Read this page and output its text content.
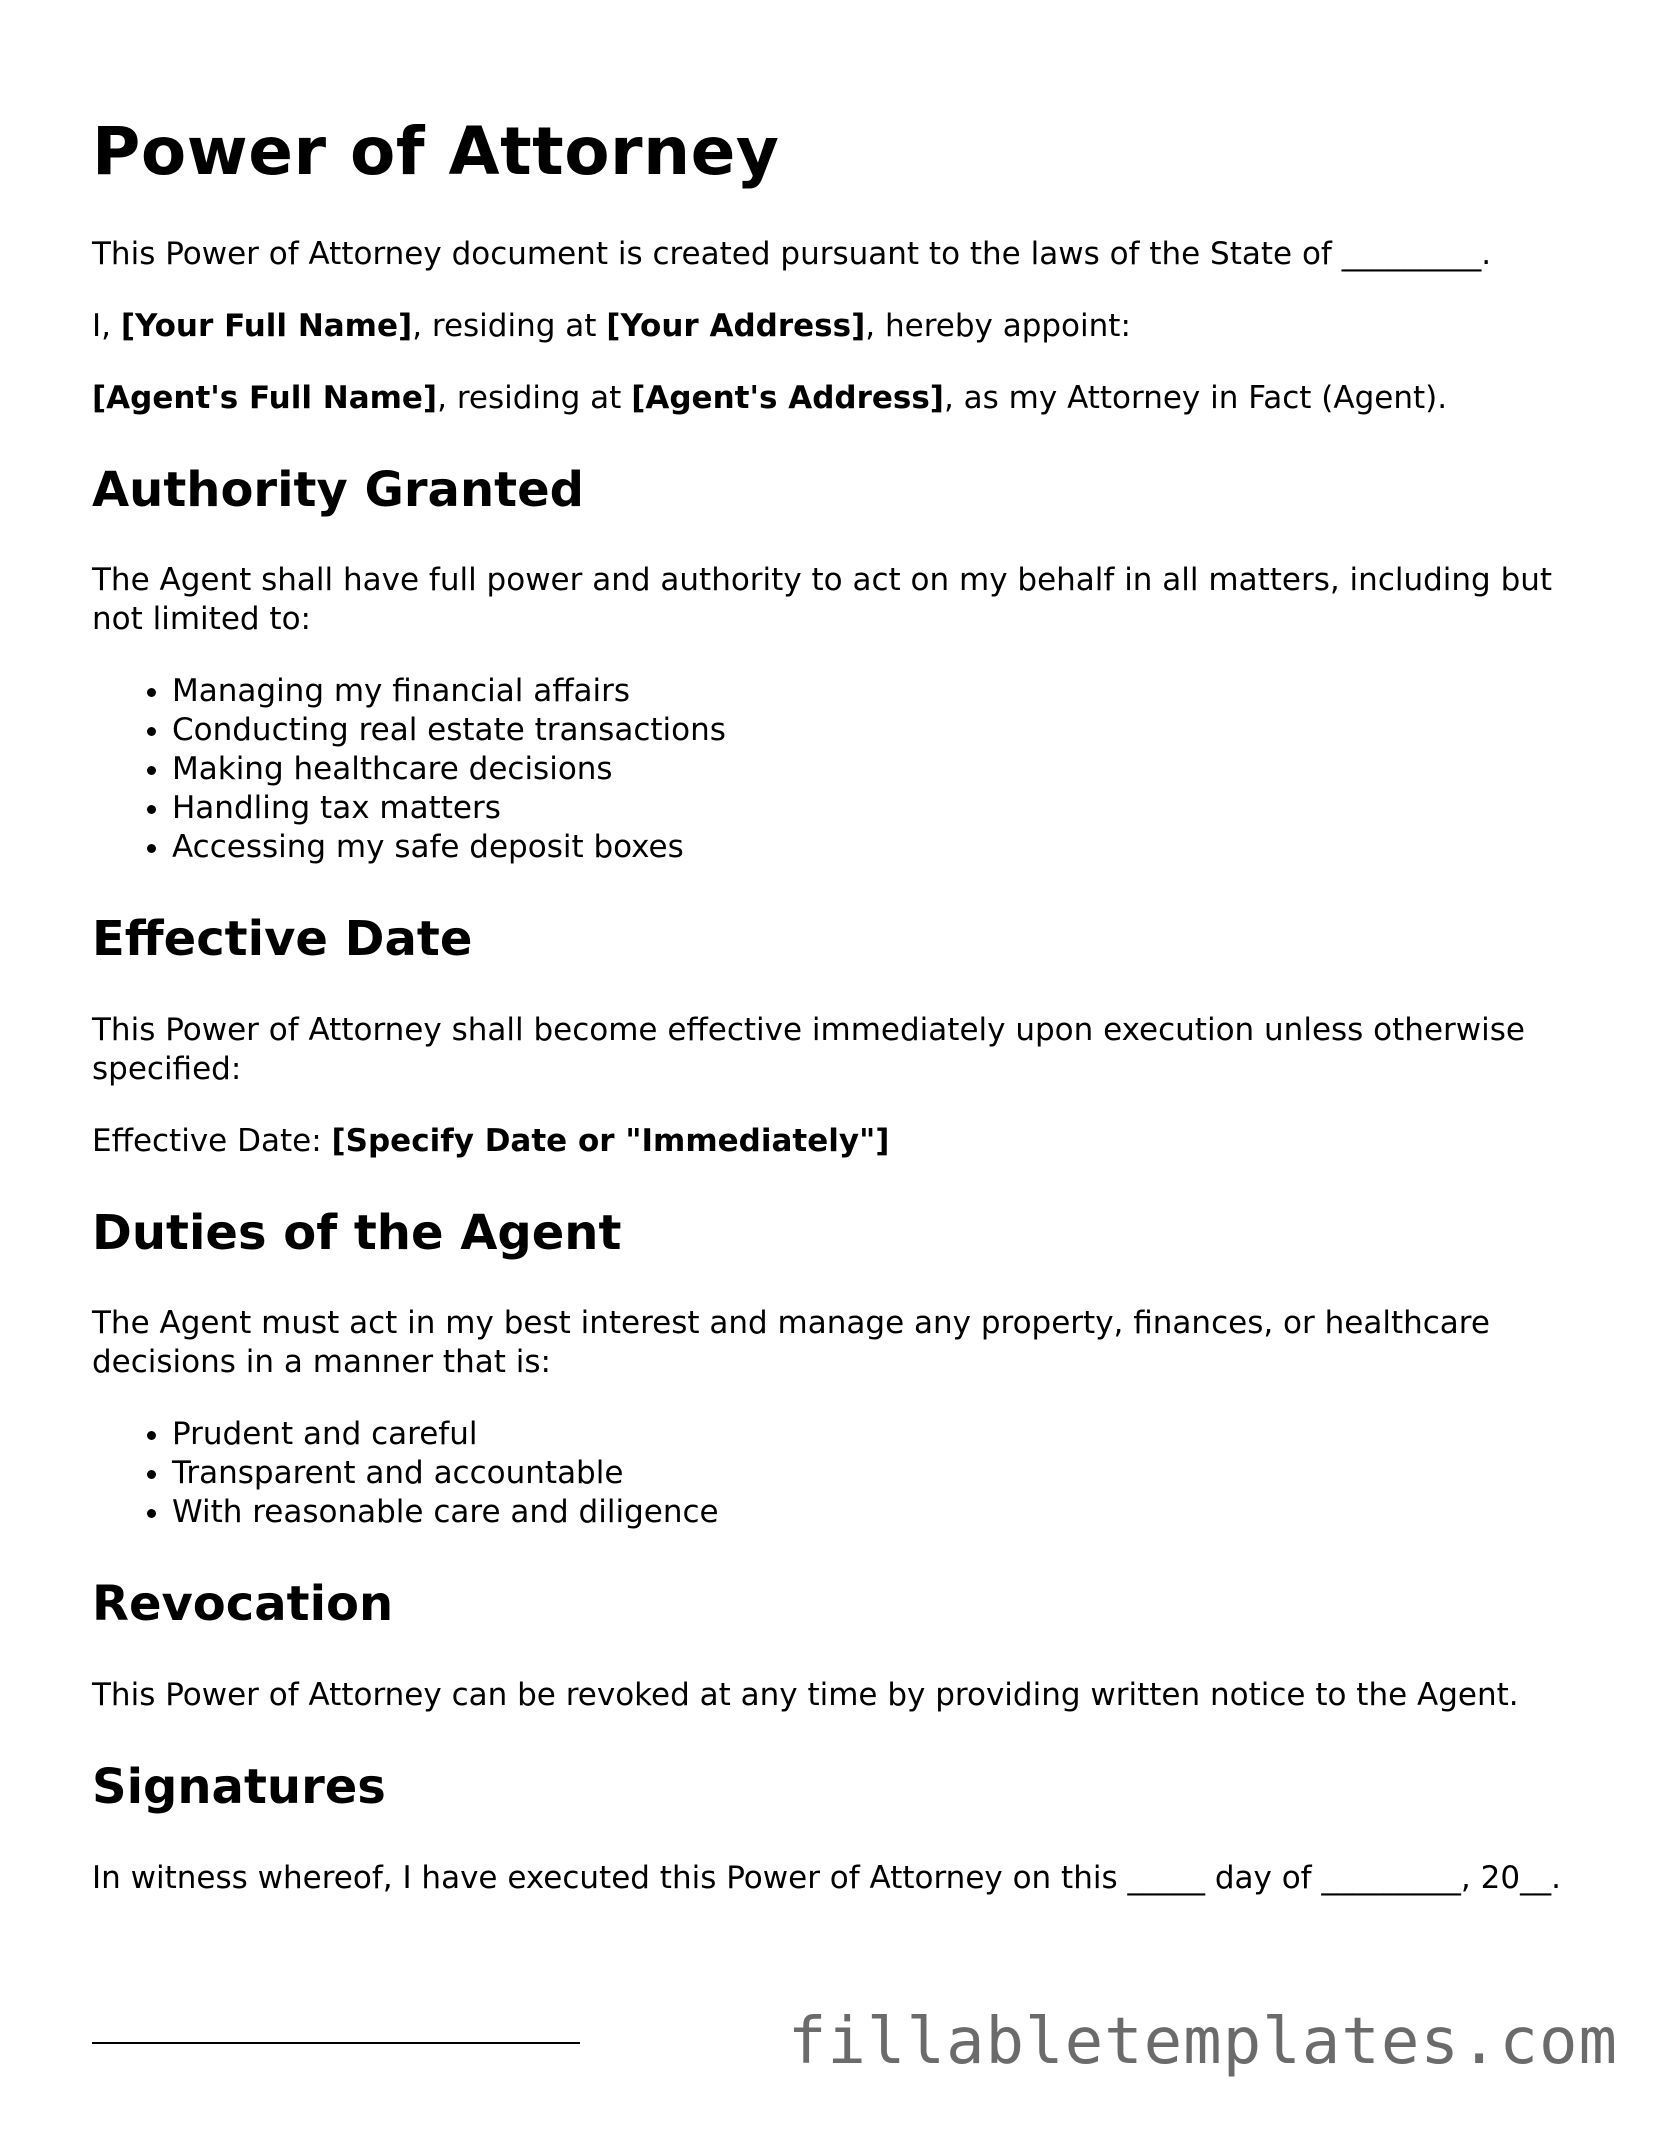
Power of Attorney

This Power of Attorney document is created pursuant to the laws of the State of _________.

I, [Your Full Name], residing at [Your Address], hereby appoint:

[Agent's Full Name], residing at [Agent's Address], as my Attorney in Fact (Agent).

Authority Granted

The Agent shall have full power and authority to act on my behalf in all matters, including but not limited to:

• Managing my financial affairs
• Conducting real estate transactions
• Making healthcare decisions
• Handling tax matters
• Accessing my safe deposit boxes
Effective Date

This Power of Attorney shall become effective immediately upon execution unless otherwise specified:

Effective Date: [Specify Date or "Immediately"]

Duties of the Agent

The Agent must act in my best interest and manage any property, finances, or healthcare decisions in a manner that is:

• Prudent and careful
• Transparent and accountable
• With reasonable care and diligence
Revocation

This Power of Attorney can be revoked at any time by providing written notice to the Agent.

Signatures

In witness whereof, I have executed this Power of Attorney on this _____ day of _________, 20__.

fillabletemplates.com
